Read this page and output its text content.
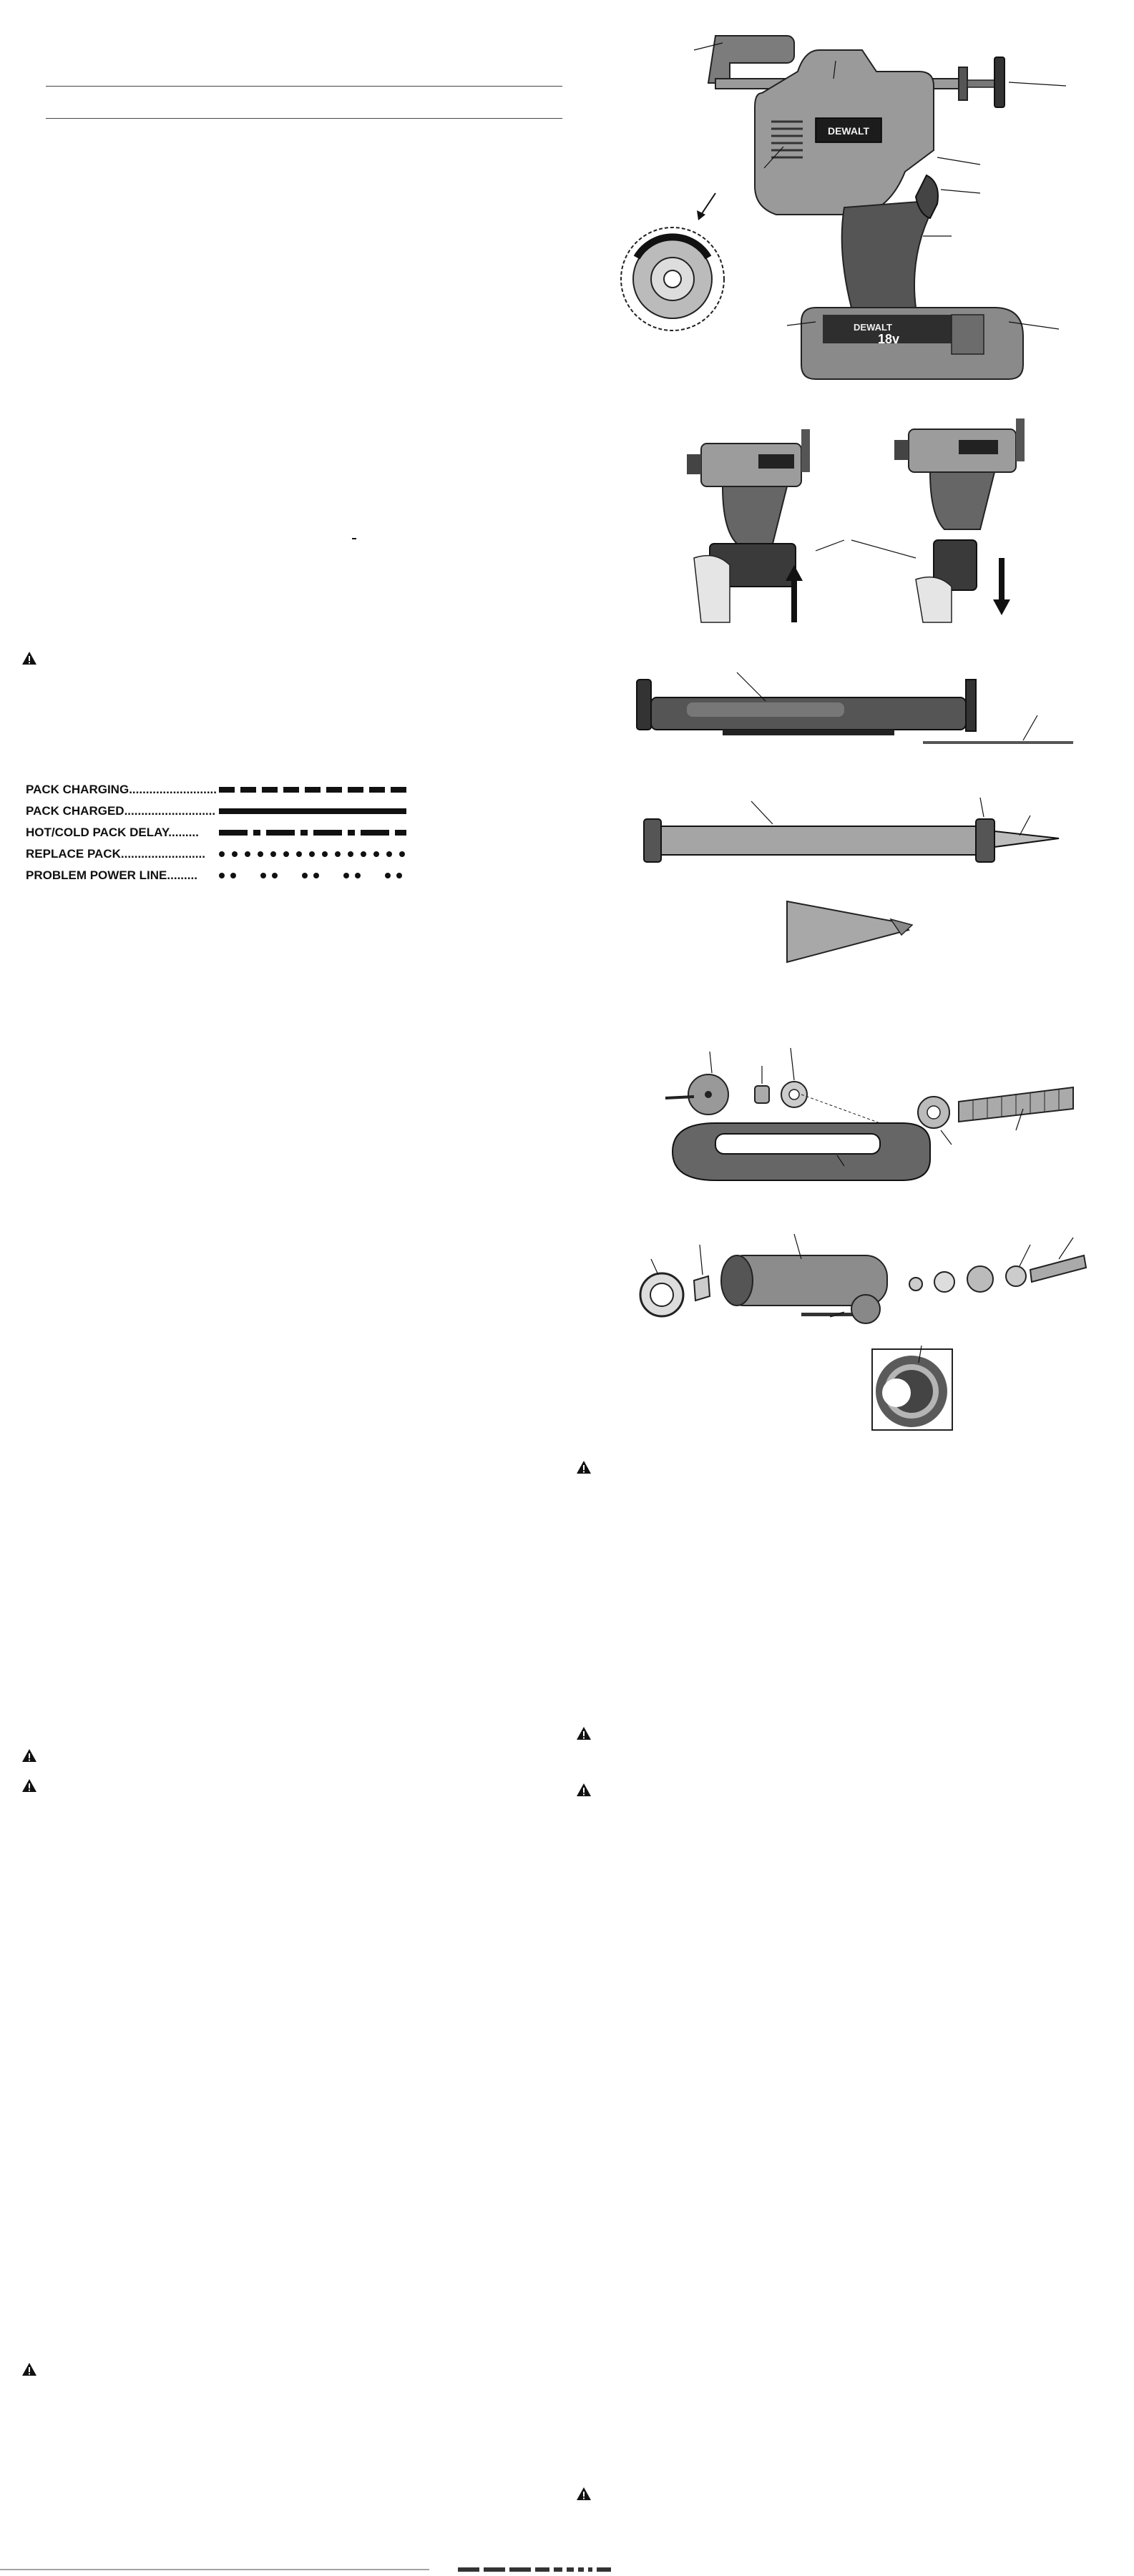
PACK CHARGING..........................
PACK CHARGED...........................
HOT/COLD PACK DELAY.........
REPLACE PACK.........................
PROBLEM POWER LINE.........
DEWALT
DEWALT
18v
